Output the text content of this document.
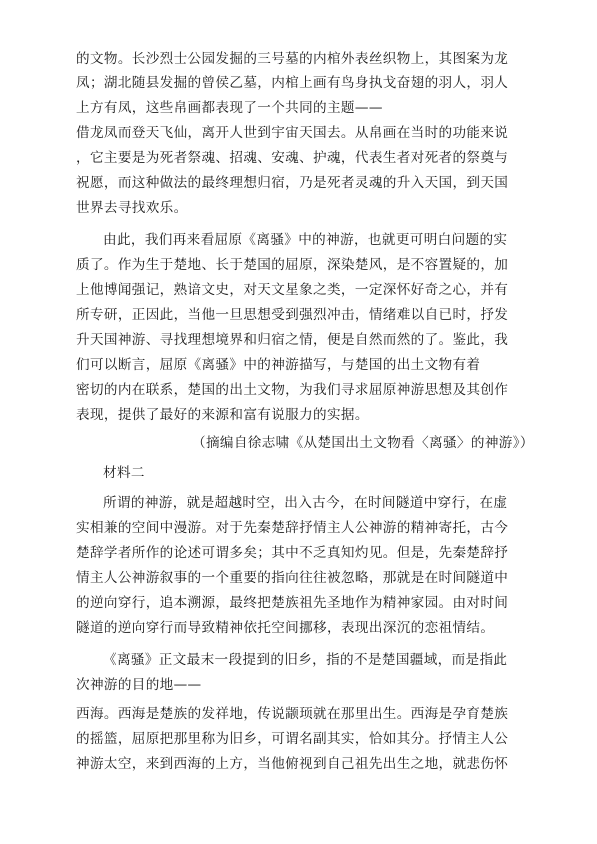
的文物。长沙烈士公园发掘的三号墓的内棺外表丝织物上，其图案为龙
凤；湖北随县发掘的曾侯乙墓，内棺上画有鸟身执戈奋翅的羽人，羽人
上方有凤，这些帛画都表现了一个共同的主题——
借龙凤而登天飞仙，离开人世到宇宙天国去。从帛画在当时的功能来说
，它主要是为死者祭魂、招魂、安魂、护魂，代表生者对死者的祭奠与
祝愿，而这种做法的最终理想归宿，乃是死者灵魂的升入天国，到天国
世界去寻找欢乐。
由此，我们再来看屈原《离骚》中的神游，也就更可明白问题的实
质了。作为生于楚地、长于楚国的屈原，深染楚风，是不容置疑的，加
上他博闻强记，熟谙文史，对天文星象之类，一定深怀好奇之心，并有
所专研，正因此，当他一旦思想受到强烈冲击，情绪难以自已时，抒发
升天国神游、寻找理想境界和归宿之情，便是自然而然的了。鉴此，我
们可以断言，屈原《离骚》中的神游描写，与楚国的出土文物有着
密切的内在联系，楚国的出土文物，为我们寻求屈原神游思想及其创作
表现，提供了最好的来源和富有说服力的实据。
（摘编自徐志啸《从楚国出土文物看〈离骚〉的神游》）
材料二
所谓的神游，就是超越时空，出入古今，在时间隧道中穿行，在虚
实相兼的空间中漫游。对于先秦楚辞抒情主人公神游的精神寄托，古今
楚辞学者所作的论述可谓多矣；其中不乏真知灼见。但是，先秦楚辞抒
情主人公神游叙事的一个重要的指向往往被忽略，那就是在时间隧道中
的逆向穿行，追本溯源，最终把楚族祖先圣地作为精神家园。由对时间
隧道的逆向穿行而导致精神依托空间挪移，表现出深沉的恋祖情结。
《离骚》正文最末一段提到的旧乡，指的不是楚国疆域，而是指此
次神游的目的地——
西海。西海是楚族的发祥地，传说颛顼就在那里出生。西海是孕育楚族
的摇篮，屈原把那里称为旧乡，可谓名副其实，恰如其分。抒情主人公
神游太空，来到西海的上方，当他俯视到自己祖先出生之地，就悲伤怀
